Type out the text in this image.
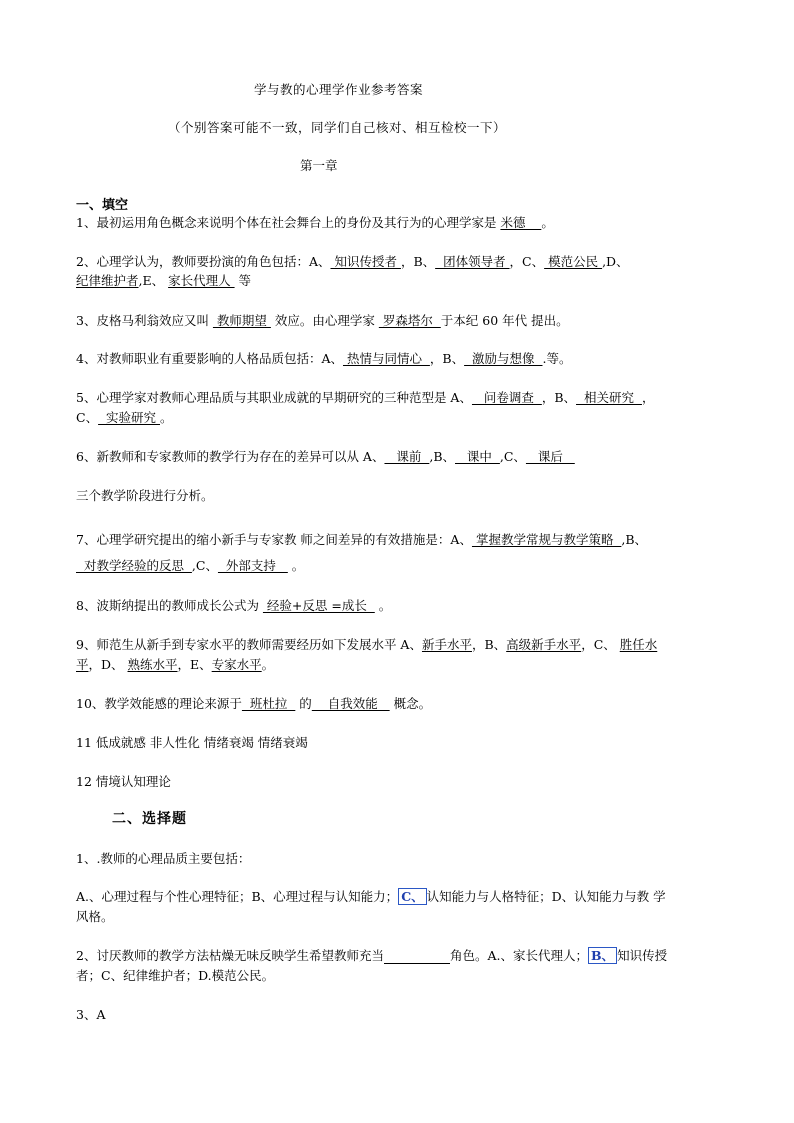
学与教的心理学作业参考答案
（个别答案可能不一致，同学们自己核对、相互检校一下）
第一章
一、填空
1、最初运用角色概念来说明个体在社会舞台上的身份及其行为的心理学家是 米德    。
2、心理学认为，教师要扮演的角色包括：A、 知识传授者 ，B、  团体领导者 ，C、 模范公民 ,D、
纪律维护者,E、 家长代理人  等
3、皮格马利翁效应又叫  教师期望  效应。由心理学家  罗森塔尔  于本纪 60 年代 提出。
4、对教师职业有重要影响的人格品质包括：A、 热情与同情心  ，B、  激励与想像  .等。
5、心理学家对教师心理品质与其职业成就的早期研究的三种范型是 A、   问卷调查  ，B、  相关研究  ，
C、  实验研究 。
6、新教师和专家教师的教学行为存在的差异可以从 A、   课前  ,B、   课中  ,C、   课后
三个教学阶段进行分析。
7、心理学研究提出的缩小新手与专家教 师之间差异的有效措施是：A、 掌握教学常规与教学策略  ,B、
对教学经验的反思  ,C、  外部支持    。
8、波斯纳提出的教师成长公式为  经验+反思 =成长   。
9、师范生从新手到专家水平的教师需要经历如下发展水平 A、新手水平，B、高级新手水平，C、 胜任水
平，D、 熟练水平，E、专家水平。
10、教学效能感的理论来源于  班杜拉   的    自我效能    概念。
11 低成就感 非人性化 情绪衰竭 情绪衰竭
12 情境认知理论
二、选择题
1、.教师的心理品质主要包括：
A.、心理过程与个性心理特征；B、心理过程与认知能力； C、 认知能力与人格特征；D、认知能力与教 学
风格。
2、讨厌教师的教学方法枯燥无味反映学生希望教师充当	角色。A.、家长代理人； B、 知识传授
者；C、纪律维护者；D.模范公民。
3、A
